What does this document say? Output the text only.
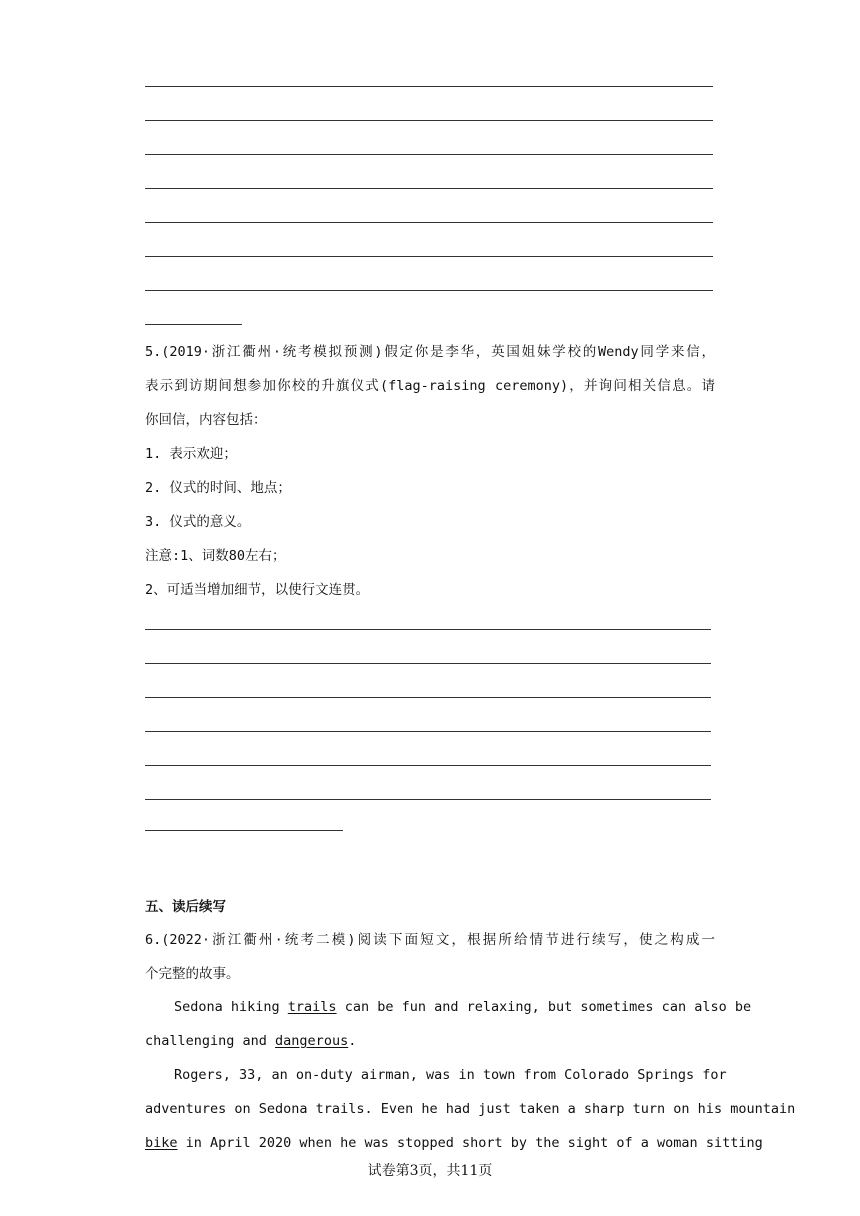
5.(2019·浙江衢州·统考模拟预测)假定你是李华，英国姐妹学校的Wendy同学来信，
表示到访期间想参加你校的升旗仪式(flag-raising ceremony)，并询问相关信息。请
你回信，内容包括：
1. 表示欢迎；
2. 仪式的时间、地点；
3. 仪式的意义。
注意:1、词数80左右；
2、可适当增加细节，以使行文连贯。
五、读后续写
6.(2022·浙江衢州·统考二模)阅读下面短文，根据所给情节进行续写，使之构成一
个完整的故事。
Sedona hiking trails can be fun and relaxing, but sometimes can also be
challenging and dangerous.
Rogers, 33, an on-duty airman, was in town from Colorado Springs for
adventures on Sedona trails. Even he had just taken a sharp turn on his mountain
bike in April 2020 when he was stopped short by the sight of a woman sitting
试卷第3页，共11页
